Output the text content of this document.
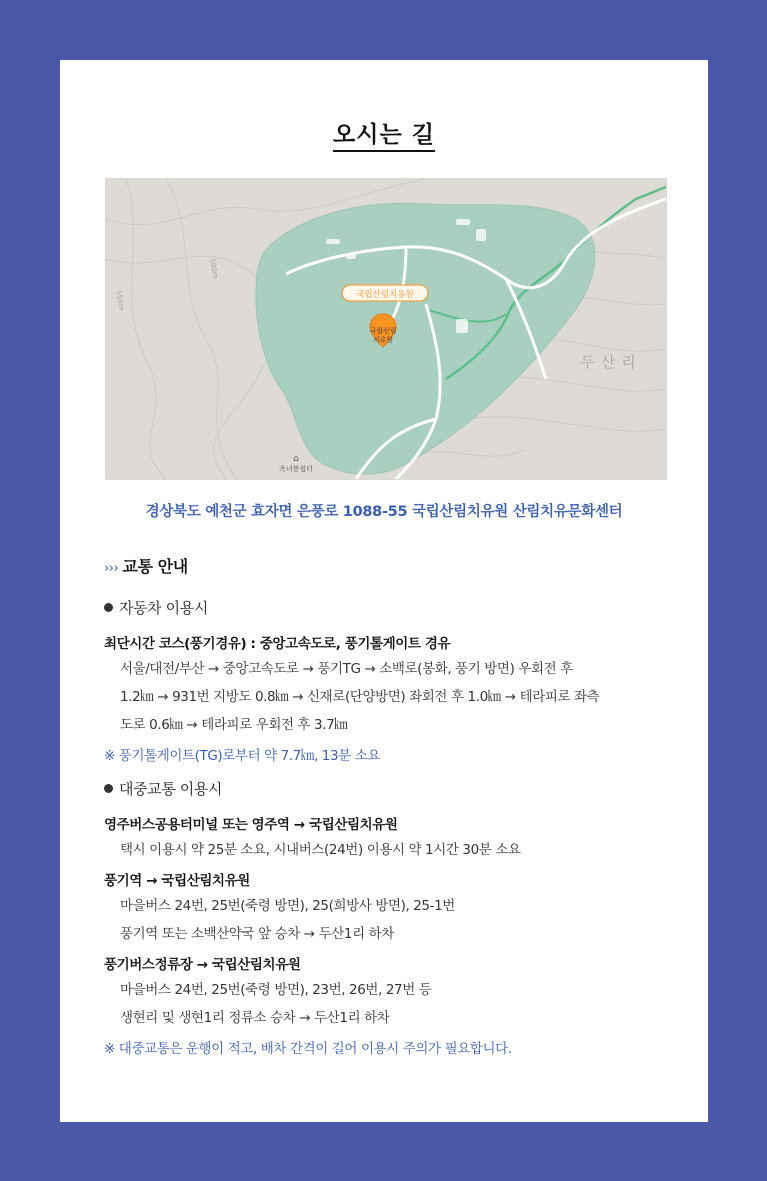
오시는 길
국립산림치유원
국립산림
치유원
두산리
⌂
옥녀봉쉼터
550m
500m
경상북도 예천군 효자면 은풍로 1088-55 국립산림치유원 산림치유문화센터
››› 교통 안내
자동차 이용시
최단시간 코스(풍기경유) : 중앙고속도로, 풍기톨게이트 경유
서울/대전/부산 → 중앙고속도로 → 풍기TG → 소백로(봉화, 풍기 방면) 우회전 후
1.2㎞ → 931번 지방도 0.8㎞ → 신재로(단양방면) 좌회전 후 1.0㎞ → 테라피로 좌측
도로 0.6㎞ → 테라피로 우회전 후 3.7㎞
※ 풍기톨게이트(TG)로부터 약 7.7㎞, 13분 소요
대중교통 이용시
영주버스공용터미널 또는 영주역 → 국립산림치유원
택시 이용시 약 25분 소요, 시내버스(24번) 이용시 약 1시간 30분 소요
풍기역 → 국립산림치유원
마을버스 24번, 25번(죽령 방면), 25(희방사 방면), 25-1번
풍기역 또는 소백산약국 앞 승차 → 두산1리 하차
풍기버스정류장 → 국립산림치유원
마을버스 24번, 25번(죽령 방면), 23번, 26번, 27번 등
생현리 및 생현1리 정류소 승차 → 두산1리 하차
※ 대중교통은 운행이 적고, 배차 간격이 길어 이용시 주의가 필요합니다.
